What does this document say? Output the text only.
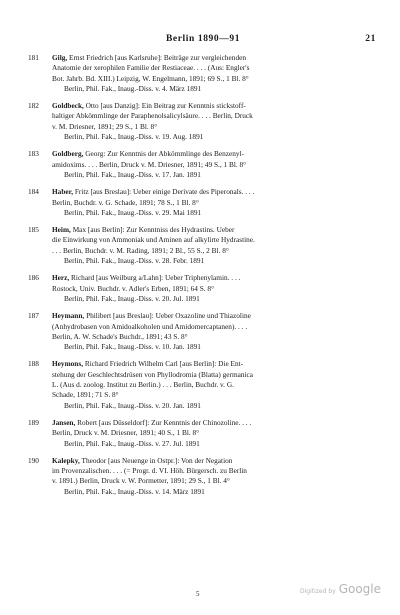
Berlin 1890—91	21
181	Gilg, Ernst Friedrich [aus Karlsruhe]: Beiträge zur vergleichenden
Anatomie der xerophilen Familie der Restiaceae. . . . (Aus: Engler's
Bot. Jahrb. Bd. XIII.) Leipzig, W. Engelmann, 1891; 69 S., 1 Bl. 8°
Berlin, Phil. Fak., Inaug.-Diss. v. 4. März 1891
182	Goldbeck, Otto [aus Danzig]: Ein Beitrag zur Kenntnis stickstoff-
haltiger Abkömmlinge der Paraphenolsalicylsäure. . . . Berlin, Druck
v. M. Driesner, 1891; 29 S., 1 Bl. 8°
Berlin, Phil. Fak., Inaug.-Diss. v. 19. Aug. 1891
183	Goldberg, Georg: Zur Kenntnis der Abkömmlinge des Benzenyl-
amidoxims. . . . Berlin, Druck v. M. Driesner, 1891; 49 S., 1 Bl. 8°
Berlin, Phil. Fak., Inaug.-Diss. v. 17. Jan. 1891
184	Haber, Fritz [aus Breslau]: Ueber einige Derivate des Piperonals. . . .
Berlin, Buchdr. v. G. Schade, 1891; 78 S., 1 Bl. 8°
Berlin, Phil. Fak., Inaug.-Diss. v. 29. Mai 1891
185	Heim, Max [aus Berlin]: Zur Kenntniss des Hydrastins. Ueber
die Einwirkung von Ammoniak und Aminen auf alkylirte Hydrastine.
. . . Berlin, Buchdr. v. M. Rading, 1891; 2 Bl., 55 S., 2 Bl. 8°
Berlin, Phil. Fak., Inaug.-Diss. v. 28. Febr. 1891
186	Herz, Richard [aus Weilburg a/Lahn]: Ueber Triphenylamin. . . .
Rostock, Univ. Buchdr. v. Adler's Erben, 1891; 64 S. 8°
Berlin, Phil. Fak., Inaug.-Diss. v. 20. Jul. 1891
187	Heymann, Philibert [aus Breslau]: Ueber Oxazoline und Thiazoline
(Anhydrobasen von Amidoalkoholen und Amidomercaptanen). . . .
Berlin, A. W. Schade's Buchdr., 1891; 43 S. 8°
Berlin, Phil. Fak., Inaug.-Diss. v. 10. Jan. 1891
188	Heymons, Richard Friedrich Wilhelm Carl [aus Berlin]: Die Ent-
stehung der Geschlechtsdrüsen von Phyllodromia (Blatta) germanica
L. (Aus d. zoolog. Institut zu Berlin.) . . . Berlin, Buchdr. v. G.
Schade, 1891; 71 S. 8°
Berlin, Phil. Fak., Inaug.-Diss. v. 20. Jan. 1891
189	Jansen, Robert [aus Düsseldorf]: Zur Kenntnis der Chinozoline. . . .
Berlin, Druck v. M. Driesner, 1891; 40 S., 1 Bl. 8°
Berlin, Phil. Fak., Inaug.-Diss. v. 27. Jul. 1891
190	Kalepky, Theodor [aus Neuenge in Ostpr.]: Von der Negation
im Provenzalischen. . . . (= Progr. d. VI. Höh. Bürgersch. zu Berlin
v. 1891.) Berlin, Druck v. W. Pormetter, 1891; 29 S., 1 Bl. 4°
Berlin, Phil. Fak., Inaug.-Diss. v. 14. März 1891
5	Digitized by Google
